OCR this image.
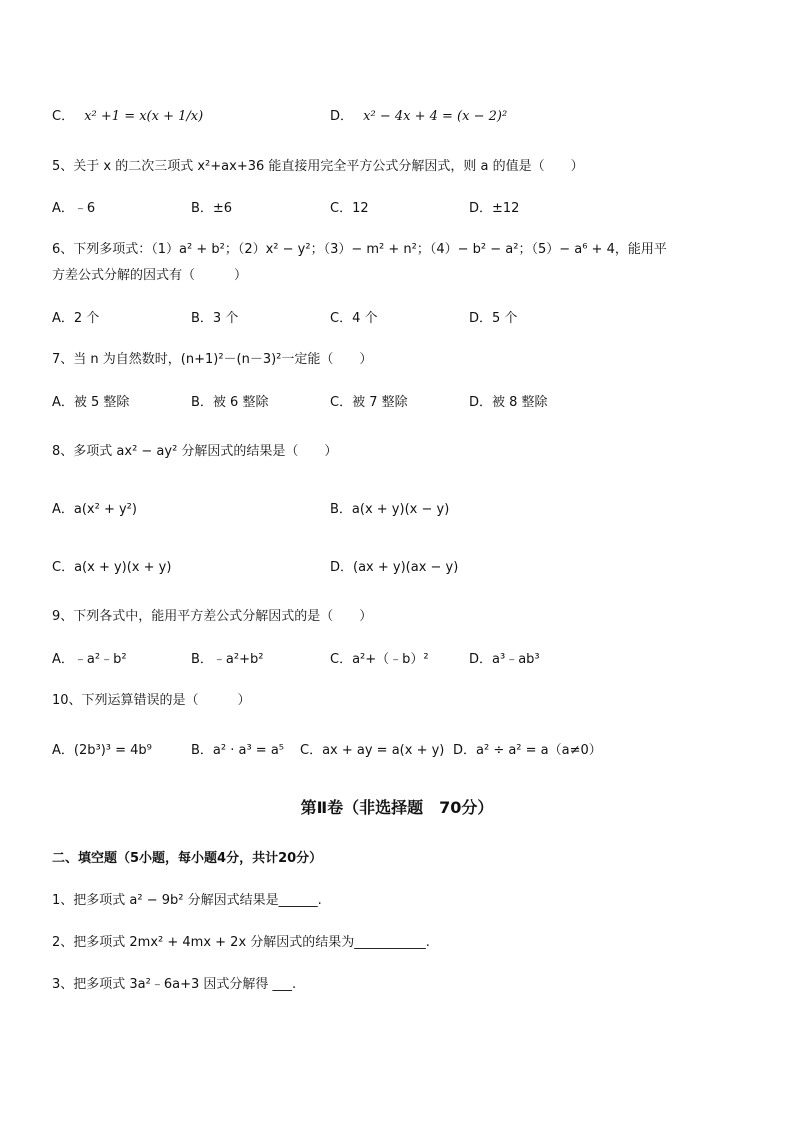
C． x² +1 = x(x + 1/x)	D． x² − 4x + 4 = (x − 2)²
5、关于 x 的二次三项式 x²+ax+36 能直接用完全平方公式分解因式，则 a 的值是（　　）
A．﹣6	B．±6	C．12	D．±12
6、下列多项式：（1）a² + b²；（2）x² − y²；（3）− m² + n²；（4）− b² − a²；（5）− a⁶ + 4，能用平
方差公式分解的因式有（　　　）
A．2 个	B．3 个	C．4 个	D．5 个
7、当 n 为自然数时，(n+1)²－(n－3)²一定能（　　）
A．被 5 整除	B．被 6 整除	C．被 7 整除	D．被 8 整除
8、多项式 ax² − ay² 分解因式的结果是（　　）
A．a(x² + y²)	B．a(x + y)(x − y)
C．a(x + y)(x + y)	D．(ax + y)(ax − y)
9、下列各式中，能用平方差公式分解因式的是（　　）
A．﹣a²﹣b²	B．﹣a²+b²	C．a²+（﹣b）²	D．a³﹣ab³
10、下列运算错误的是（　　　）
A．(2b³)³ = 4b⁹	B．a² · a³ = a⁵ C．ax + ay = a(x + y) D．a² ÷ a² = a（a≠0）
第Ⅱ卷（非选择题　70分）
二、填空题（5小题，每小题4分，共计20分）
1、把多项式 a² − 9b² 分解因式结果是______.
2、把多项式 2mx² + 4mx + 2x 分解因式的结果为___________.
3、把多项式 3a²﹣6a+3 因式分解得 ___.
